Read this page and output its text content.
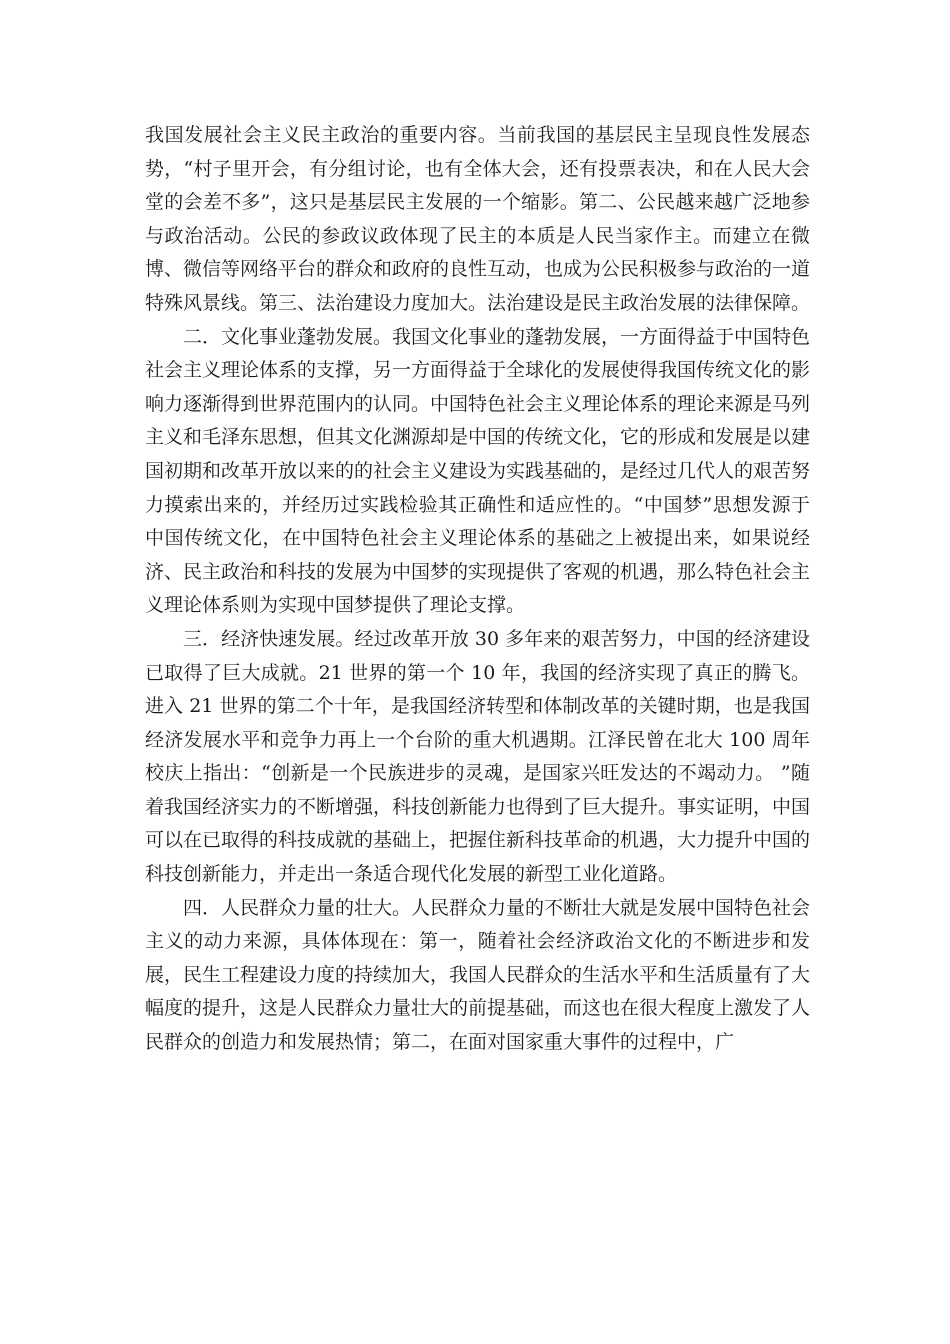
我国发展社会主义民主政治的重要内容。当前我国的基层民主呈现良性发展态势，“村子里开会，有分组讨论，也有全体大会，还有投票表决，和在人民大会堂的会差不多”，这只是基层民主发展的一个缩影。第二、公民越来越广泛地参与政治活动。公民的参政议政体现了民主的本质是人民当家作主。而建立在微博、微信等网络平台的群众和政府的良性互动，也成为公民积极参与政治的一道特殊风景线。第三、法治建设力度加大。法治建设是民主政治发展的法律保障。

二．文化事业蓬勃发展。我国文化事业的蓬勃发展，一方面得益于中国特色社会主义理论体系的支撑，另一方面得益于全球化的发展使得我国传统文化的影响力逐渐得到世界范围内的认同。中国特色社会主义理论体系的理论来源是马列主义和毛泽东思想，但其文化渊源却是中国的传统文化，它的形成和发展是以建国初期和改革开放以来的的社会主义建设为实践基础的，是经过几代人的艰苦努力摸索出来的，并经历过实践检验其正确性和适应性的。“中国梦”思想发源于中国传统文化，在中国特色社会主义理论体系的基础之上被提出来，如果说经济、民主政治和科技的发展为中国梦的实现提供了客观的机遇，那么特色社会主义理论体系则为实现中国梦提供了理论支撑。

三．经济快速发展。经过改革开放 30 多年来的艰苦努力，中国的经济建设已取得了巨大成就。21 世界的第一个 10 年，我国的经济实现了真正的腾飞。进入 21 世界的第二个十年，是我国经济转型和体制改革的关键时期，也是我国经济发展水平和竞争力再上一个台阶的重大机遇期。江泽民曾在北大 100 周年校庆上指出：“创新是一个民族进步的灵魂，是国家兴旺发达的不竭动力。 ”随着我国经济实力的不断增强，科技创新能力也得到了巨大提升。事实证明，中国可以在已取得的科技成就的基础上，把握住新科技革命的机遇，大力提升中国的科技创新能力，并走出一条适合现代化发展的新型工业化道路。

四．人民群众力量的壮大。人民群众力量的不断壮大就是发展中国特色社会主义的动力来源，具体体现在：第一，随着社会经济政治文化的不断进步和发展，民生工程建设力度的持续加大，我国人民群众的生活水平和生活质量有了大幅度的提升，这是人民群众力量壮大的前提基础，而这也在很大程度上激发了人民群众的创造力和发展热情；第二，在面对国家重大事件的过程中，广
